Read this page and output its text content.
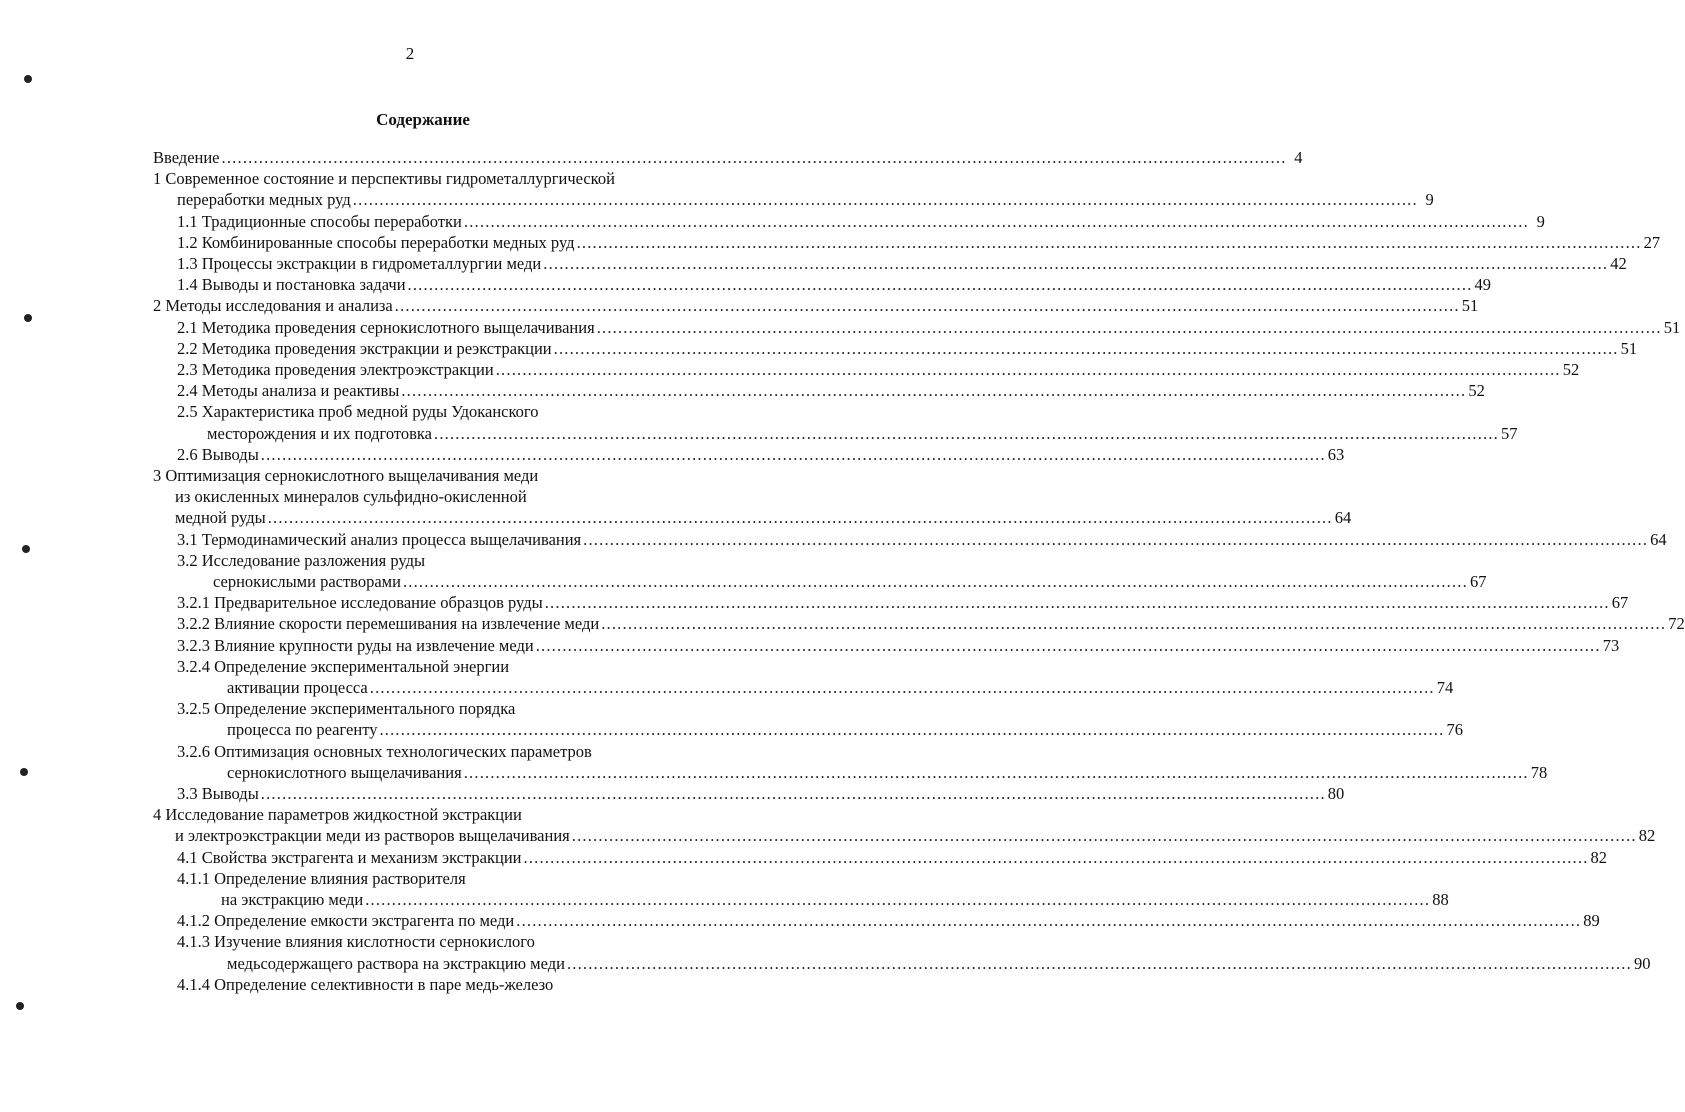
2
Содержание
Введение ........................................................................................................................................................................................................ 4
1 Современное состояние и перспективы гидрометаллургической
переработки медных руд ........................................................................................................................................................................................................ 9
1.1 Традиционные способы переработки ........................................................................................................................................................................................................ 9
1.2 Комбинированные способы переработки медных руд ........................................................................................................................................................................................................ 27
1.3 Процессы экстракции в гидрометаллургии меди ........................................................................................................................................................................................................ 42
1.4 Выводы и постановка задачи ........................................................................................................................................................................................................ 49
2 Методы исследования и анализа ........................................................................................................................................................................................................ 51
2.1 Методика проведения сернокислотного выщелачивания ........................................................................................................................................................................................................ 51
2.2 Методика проведения экстракции и реэкстракции ........................................................................................................................................................................................................ 51
2.3 Методика проведения электроэкстракции ........................................................................................................................................................................................................ 52
2.4 Методы анализа и реактивы ........................................................................................................................................................................................................ 52
2.5 Характеристика проб медной руды Удоканского
месторождения и их подготовка ........................................................................................................................................................................................................ 57
2.6 Выводы ........................................................................................................................................................................................................ 63
3 Оптимизация сернокислотного выщелачивания меди
из окисленных минералов сульфидно-окисленной
медной руды ........................................................................................................................................................................................................ 64
3.1 Термодинамический анализ процесса выщелачивания ........................................................................................................................................................................................................ 64
3.2 Исследование разложения руды
сернокислыми растворами ........................................................................................................................................................................................................ 67
3.2.1 Предварительное исследование образцов руды ........................................................................................................................................................................................................ 67
3.2.2 Влияние скорости перемешивания на извлечение меди ........................................................................................................................................................................................................ 72
3.2.3 Влияние крупности руды на извлечение меди ........................................................................................................................................................................................................ 73
3.2.4 Определение экспериментальной энергии
активации процесса ........................................................................................................................................................................................................ 74
3.2.5 Определение экспериментального порядка
процесса по реагенту ........................................................................................................................................................................................................ 76
3.2.6 Оптимизация основных технологических параметров
сернокислотного выщелачивания ........................................................................................................................................................................................................ 78
3.3 Выводы ........................................................................................................................................................................................................ 80
4 Исследование параметров жидкостной экстракции
и электроэкстракции меди из растворов выщелачивания ........................................................................................................................................................................................................ 82
4.1 Свойства экстрагента и механизм экстракции ........................................................................................................................................................................................................ 82
4.1.1 Определение влияния растворителя
на экстракцию меди ........................................................................................................................................................................................................ 88
4.1.2 Определение емкости экстрагента по меди ........................................................................................................................................................................................................ 89
4.1.3 Изучение влияния кислотности сернокислого
медьсодержащего раствора на экстракцию меди ........................................................................................................................................................................................................ 90
4.1.4 Определение селективности в паре медь-железо
